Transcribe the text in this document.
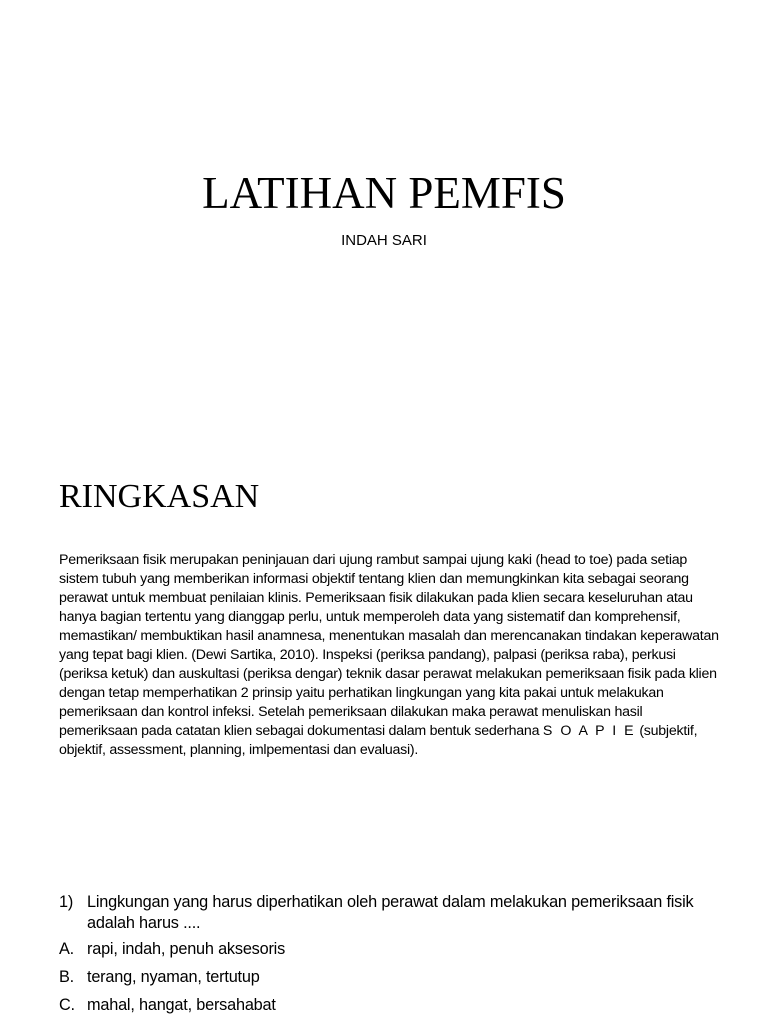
LATIHAN PEMFIS

INDAH SARI

RINGKASAN

Pemeriksaan fisik merupakan peninjauan dari ujung rambut sampai ujung kaki (head to toe) pada setiap sistem tubuh yang memberikan informasi objektif tentang klien dan memungkinkan kita sebagai seorang perawat untuk membuat penilaian klinis. Pemeriksaan fisik dilakukan pada klien secara keseluruhan atau hanya bagian tertentu yang dianggap perlu, untuk memperoleh data yang sistematif dan komprehensif, memastikan/ membuktikan hasil anamnesa, menentukan masalah dan merencanakan tindakan keperawatan yang tepat bagi klien. (Dewi Sartika, 2010). Inspeksi (periksa pandang), palpasi (periksa raba), perkusi (periksa ketuk) dan auskultasi (periksa dengar) teknik dasar perawat melakukan pemeriksaan fisik pada klien dengan tetap memperhatikan 2 prinsip yaitu perhatikan lingkungan yang kita pakai untuk melakukan pemeriksaan dan kontrol infeksi. Setelah pemeriksaan dilakukan maka perawat menuliskan hasil pemeriksaan pada catatan klien sebagai dokumentasi dalam bentuk sederhana S O A P I E (subjektif, objektif, assessment, planning, imlpementasi dan evaluasi).

1) Lingkungan yang harus diperhatikan oleh perawat dalam melakukan pemeriksaan fisik adalah harus ....
A. rapi, indah, penuh aksesoris
B. terang, nyaman, tertutup
C. mahal, hangat, bersahabat
